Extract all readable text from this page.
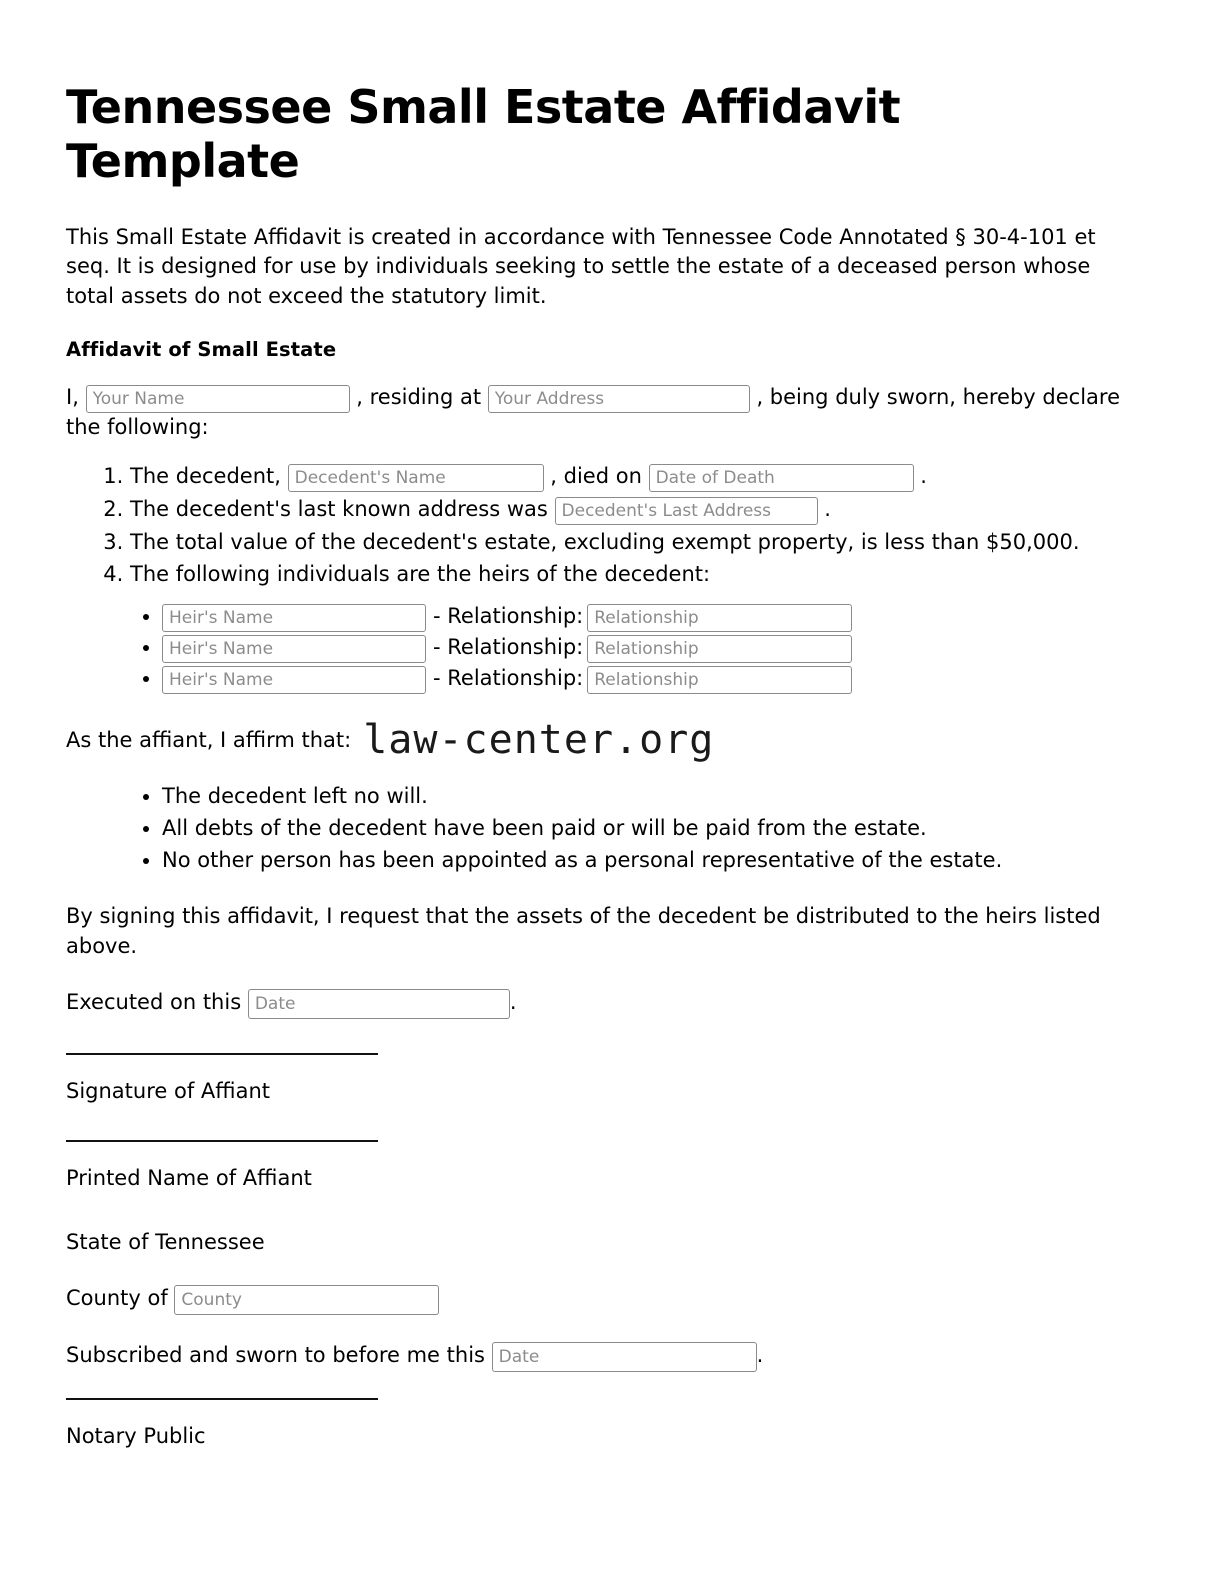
Tennessee Small Estate Affidavit Template

This Small Estate Affidavit is created in accordance with Tennessee Code Annotated § 30-4-101 et seq. It is designed for use by individuals seeking to settle the estate of a deceased person whose total assets do not exceed the statutory limit.

Affidavit of Small Estate
I, Your Name	, residing at Your Address	, being duly sworn, hereby declare the following:
1. The decedent, Decedent's Name	, died on Date of Death	.
2. The decedent's last known address was Decedent's Last Address	.
3. The total value of the decedent's estate, excluding exempt property, is less than $50,000.
4. The following individuals are the heirs of the decedent:
Heir's Name • - Relationship:Relationship
Heir's Name • - Relationship:Relationship
Heir's Name • - Relationship:Relationship
As the affiant, I affirm that: law-center.org
• The decedent left no will.
• All debts of the decedent have been paid or will be paid from the estate.
• No other person has been appointed as a personal representative of the estate.

By signing this affidavit, I request that the assets of the decedent be distributed to the heirs listed above.

Executed on this Date	.
Signature of Affiant
Printed Name of Affiant
State of Tennessee
County of County
Subscribed and sworn to before me this Date	.
Notary Public
